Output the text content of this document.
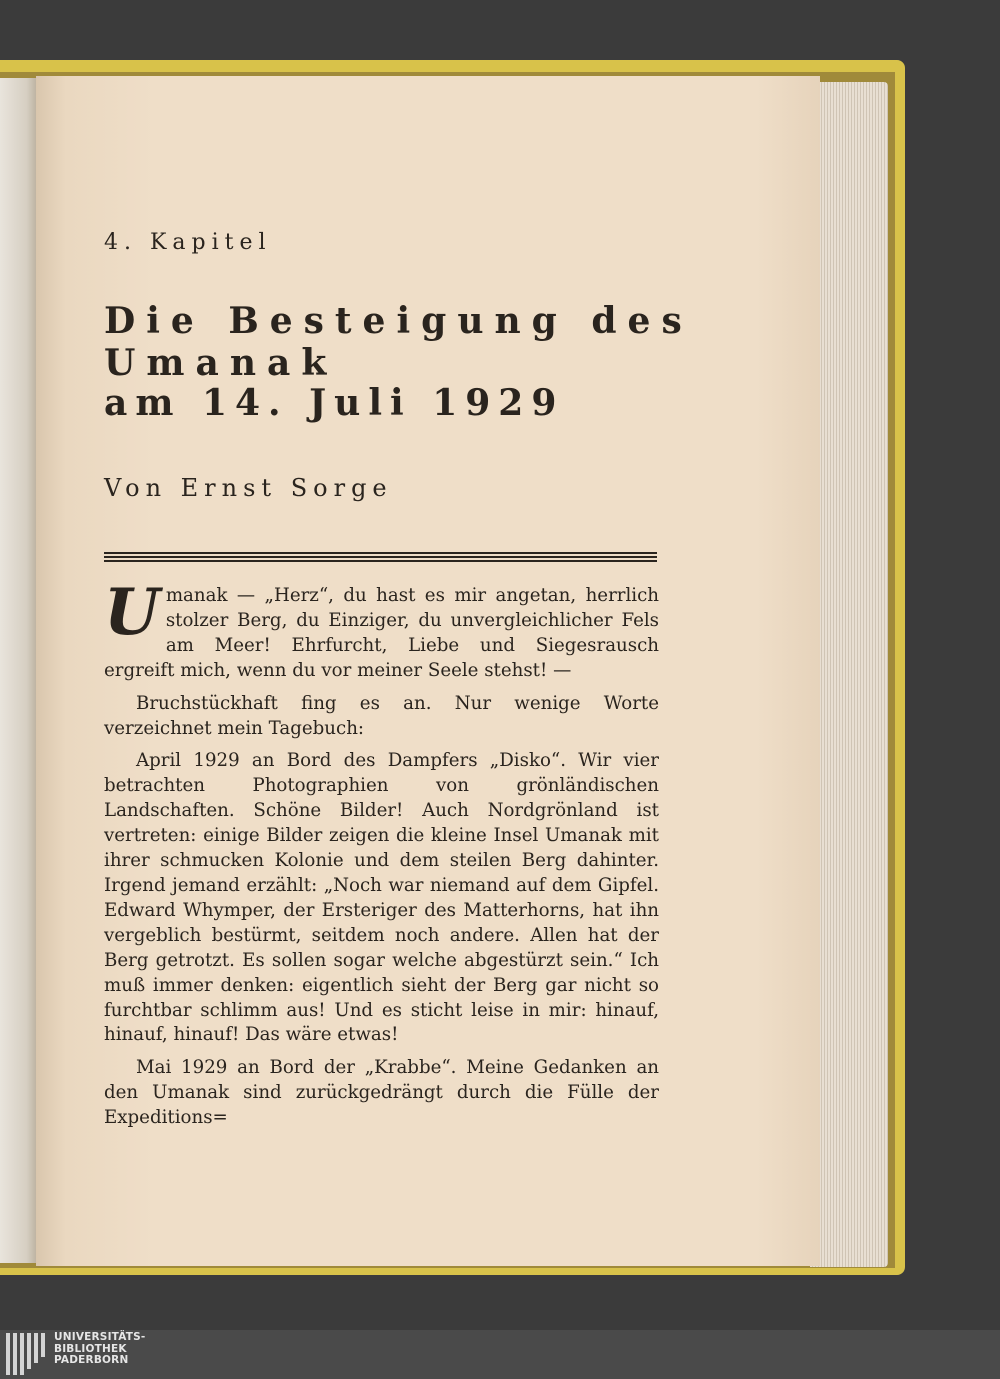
4. Kapitel
Die Besteigung des Umanak
am 14. Juli 1929
Von Ernst Sorge

Umanak — „Herz“, du hast es mir angetan, herrlich stolzer Berg, du Einziger, du unvergleichlicher Fels am Meer! Ehrfurcht, Liebe und Siegesrausch ergreift mich, wenn du vor meiner Seele stehst! —

Bruchstückhaft fing es an. Nur wenige Worte verzeichnet mein Tagebuch:

April 1929 an Bord des Dampfers „Disko“. Wir vier betrachten Photographien von grönländischen Landschaften. Schöne Bilder! Auch Nordgrönland ist vertreten: einige Bilder zeigen die kleine Insel Umanak mit ihrer schmucken Kolonie und dem steilen Berg dahinter. Irgend jemand erzählt: „Noch war niemand auf dem Gipfel. Edward Whymper, der Ersteriger des Matterhorns, hat ihn vergeblich bestürmt, seitdem noch andere. Allen hat der Berg getrotzt. Es sollen sogar welche abgestürzt sein.“ Ich muß immer denken: eigentlich sieht der Berg gar nicht so furchtbar schlimm aus! Und es sticht leise in mir: hinauf, hinauf, hinauf! Das wäre etwas!

Mai 1929 an Bord der „Krabbe“. Meine Gedanken an den Umanak sind zurückgedrängt durch die Fülle der Expeditions=

UNIVERSITÄTS-
BIBLIOTHEK
PADERBORN
